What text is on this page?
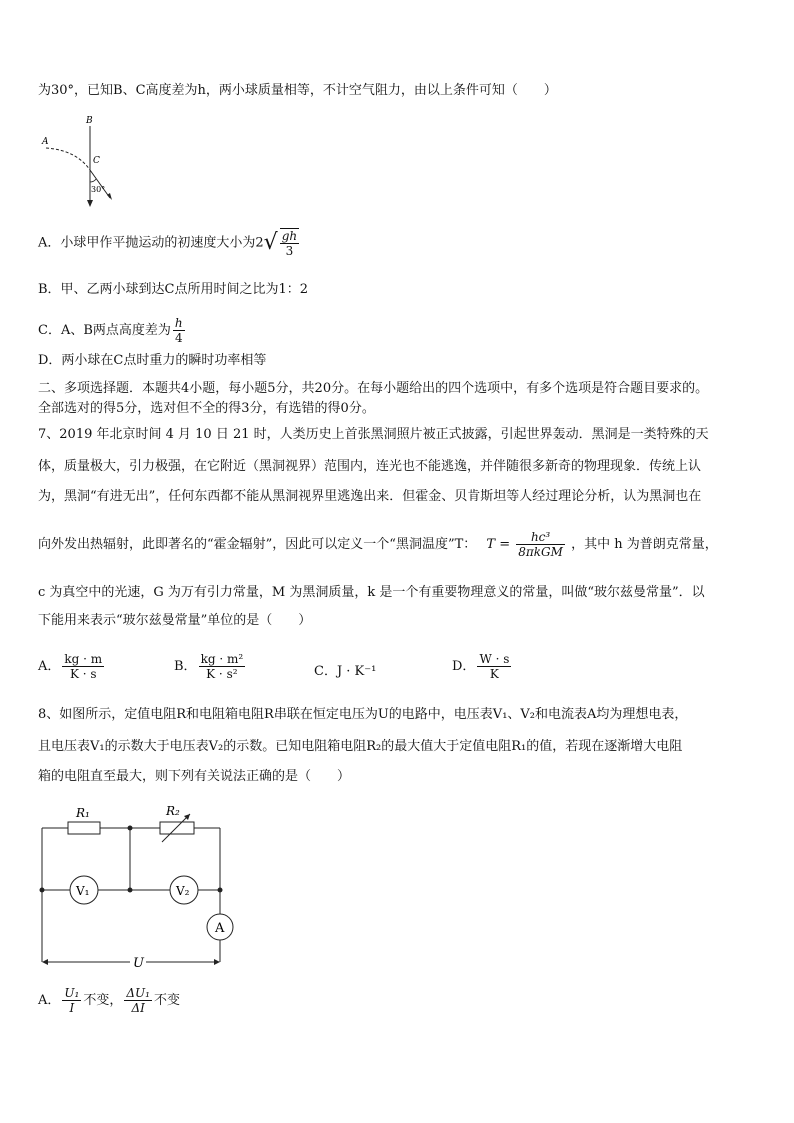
为30°，已知B、C高度差为h，两小球质量相等，不计空气阻力，由以上条件可知（　　）
A
B
C
30°
A．小球甲作平抛运动的初速度大小为$2√ \frac{gh}{3}$
B．甲、乙两小球到达C点所用时间之比为1：2
C．A、B两点高度差为 $\frac{h}{4}$
D．两小球在C点时重力的瞬时功率相等
二、多项选择题．本题共4小题，每小题5分，共20分。在每小题给出的四个选项中，有多个选项是符合题目要求的。
全部选对的得5分，选对但不全的得3分，有选错的得0分。
7、2019 年北京时间 4 月 10 日 21 时，人类历史上首张黑洞照片被正式披露，引起世界轰动．黑洞是一类特殊的天
体，质量极大，引力极强，在它附近（黑洞视界）范围内，连光也不能逃逸，并伴随很多新奇的物理现象．传统上认
为，黑洞“有进无出”，任何东西都不能从黑洞视界里逃逸出来．但霍金、贝肯斯坦等人经过理论分析，认为黑洞也在
向外发出热辐射，此即著名的“霍金辐射”，因此可以定义一个“黑洞温度”T： $T = \frac{\text{hc³}}{\text{8πkGM}}$ ，其中 h 为普朗克常量，
c 为真空中的光速，G 为万有引力常量，M 为黑洞质量，k 是一个有重要物理意义的常量，叫做“玻尔兹曼常量”．以
下能用来表示“玻尔兹曼常量”单位的是（　　）
A． $\frac{kg \cdot m}{K \cdot s}$	B． $\frac{\text{kg · m²}}{\text{K · s²}}$	C．J · K⁻¹	D． $\frac{W \cdot s}{K}$
8、如图所示，定值电阻R和电阻箱电阻R串联在恒定电压为U的电路中，电压表V₁、V₂和电流表A均为理想电表，
且电压表V₁的示数大于电压表V₂的示数。已知电阻箱电阻R₂的最大值大于定值电阻R₁的值，若现在逐渐增大电阻
箱的电阻直至最大，则下列有关说法正确的是（　　）
R₁	R₂
V₁	V₂
A
U
A． $\frac{\text{U₁}}{I}$ 不变， $\frac{\text{ΔU₁}}{\Delta I}$ 不变
